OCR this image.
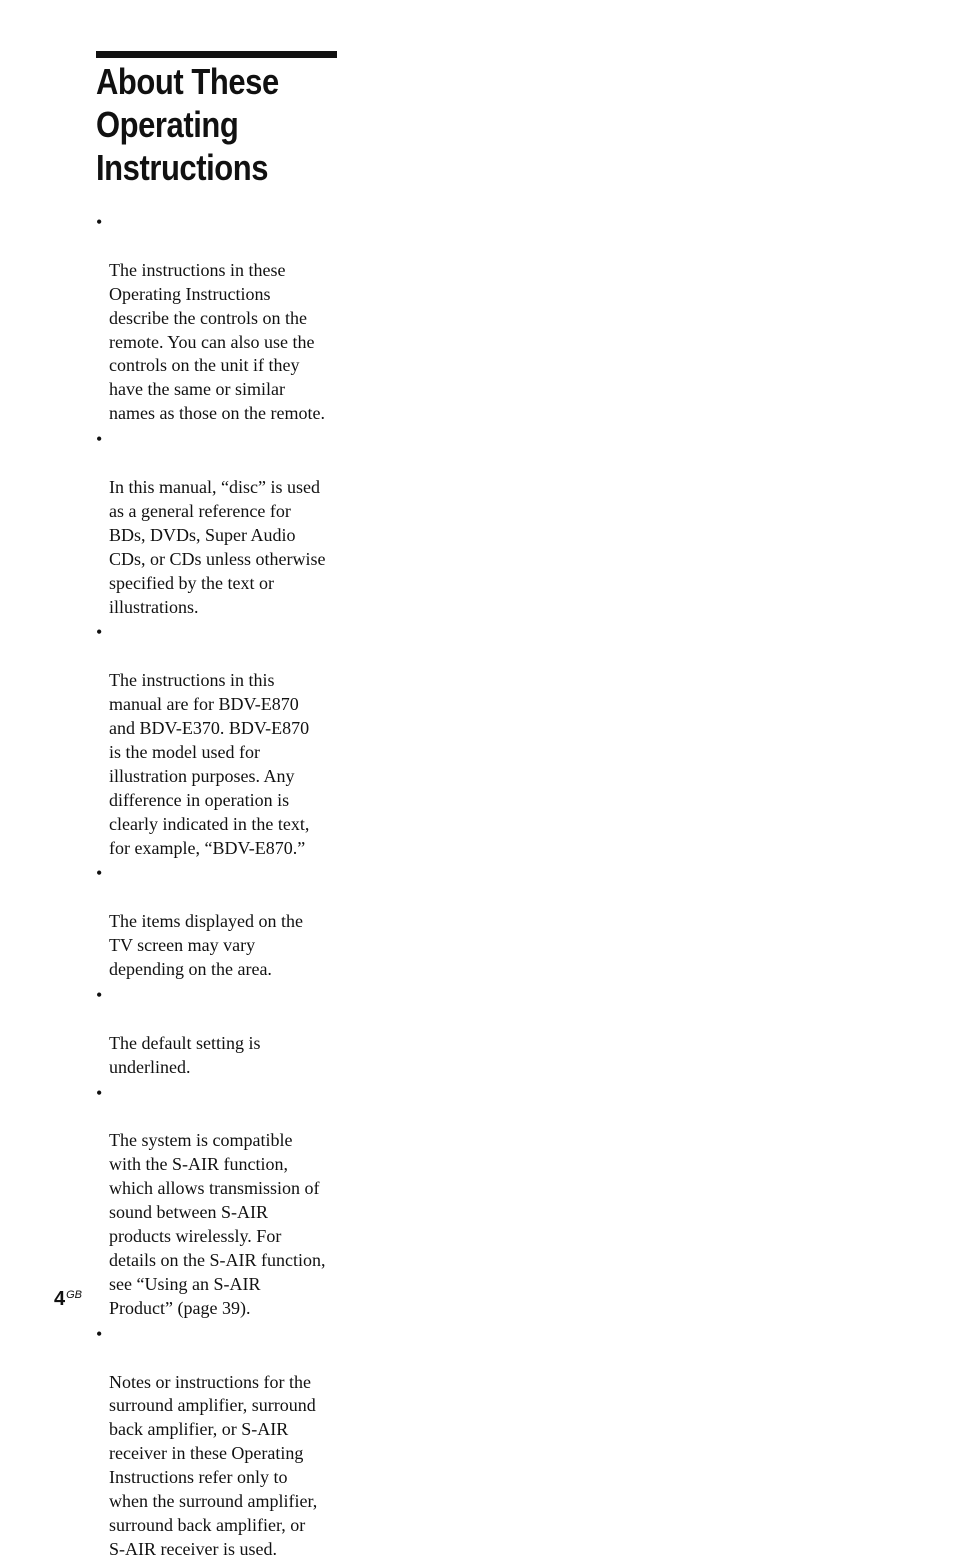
About These
Operating
Instructions

•

The instructions in these
Operating Instructions
describe the controls on the
remote. You can also use the
controls on the unit if they
have the same or similar
names as those on the remote.

•

In this manual, “disc” is used
as a general reference for
BDs, DVDs, Super Audio
CDs, or CDs unless otherwise
specified by the text or
illustrations.

•

The instructions in this
manual are for BDV-E870
and BDV-E370. BDV-E870
is the model used for
illustration purposes. Any
difference in operation is
clearly indicated in the text,
for example, “BDV-E870.”

•

The items displayed on the
TV screen may vary
depending on the area.

•

The default setting is
underlined.

•

The system is compatible
with the S-AIR function,
which allows transmission of
sound between S-AIR
products wirelessly. For
details on the S-AIR function,
see “Using an S-AIR
Product” (page 39).

•

Notes or instructions for the
surround amplifier, surround
back amplifier, or S-AIR
receiver in these Operating
Instructions refer only to
when the surround amplifier,
surround back amplifier, or
S-AIR receiver is used.

$4^{GB}$
